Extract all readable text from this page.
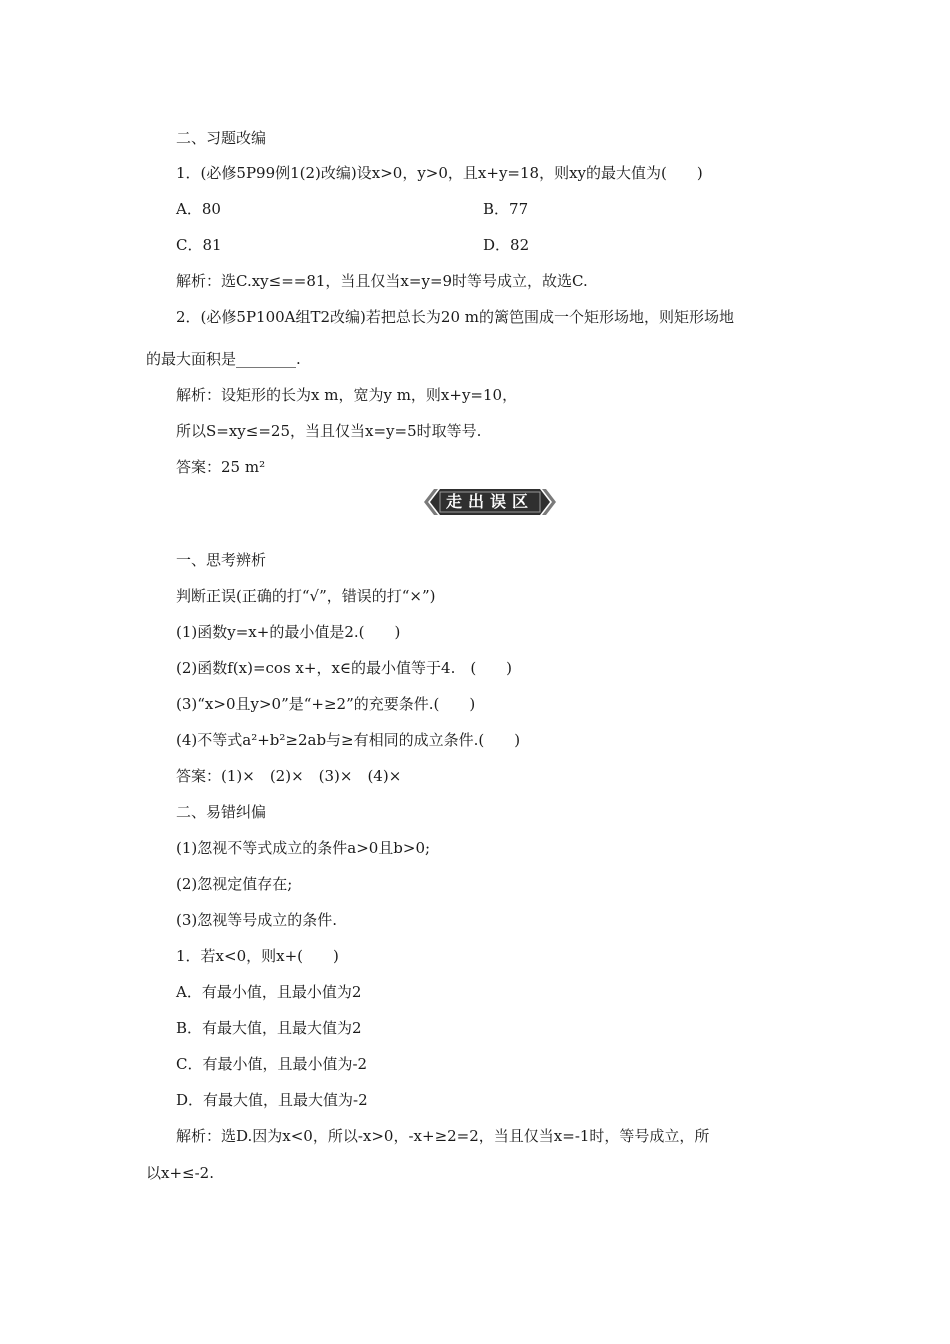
二、习题改编
1．(必修5P99例1(2)改编)设x>0，y>0，且x+y=18，则xy的最大值为(　　)
A．80	B．77
C．81	D．82
解析：选C.xy≤==81，当且仅当x=y=9时等号成立，故选C.
2．(必修5P100A组T2改编)若把总长为20 m的篱笆围成一个矩形场地，则矩形场地
的最大面积是________.
解析：设矩形的长为x m，宽为y m，则x+y=10，
所以S=xy≤=25，当且仅当x=y=5时取等号.
答案：25 m²
走出误区
一、思考辨析
判断正误(正确的打“√”，错误的打“×”)
(1)函数y=x+的最小值是2.(　　)
(2)函数f(x)=cos x+，x∈的最小值等于4.　(　　)
(3)“x>0且y>0”是“+≥2”的充要条件.(　　)
(4)不等式a²+b²≥2ab与≥有相同的成立条件.(　　)
答案：(1)×　(2)×　(3)×　(4)×
二、易错纠偏
(1)忽视不等式成立的条件a>0且b>0;
(2)忽视定值存在;
(3)忽视等号成立的条件.
1．若x<0，则x+(　　)
A．有最小值，且最小值为2
B．有最大值，且最大值为2
C．有最小值，且最小值为-2
D．有最大值，且最大值为-2
解析：选D.因为x<0，所以-x>0，-x+≥2=2，当且仅当x=-1时，等号成立，所
以x+≤-2.
